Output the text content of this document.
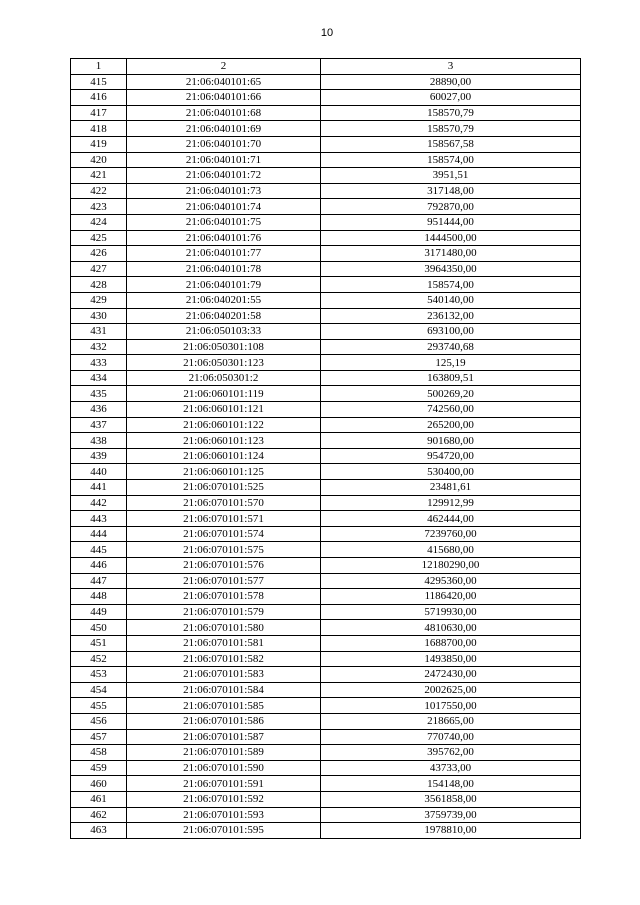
10
1	2	3
415	21:06:040101:65	28890,00
416	21:06:040101:66	60027,00
417	21:06:040101:68	158570,79
418	21:06:040101:69	158570,79
419	21:06:040101:70	158567,58
420	21:06:040101:71	158574,00
421	21:06:040101:72	3951,51
422	21:06:040101:73	317148,00
423	21:06:040101:74	792870,00
424	21:06:040101:75	951444,00
425	21:06:040101:76	1444500,00
426	21:06:040101:77	3171480,00
427	21:06:040101:78	3964350,00
428	21:06:040101:79	158574,00
429	21:06:040201:55	540140,00
430	21:06:040201:58	236132,00
431	21:06:050103:33	693100,00
432	21:06:050301:108	293740,68
433	21:06:050301:123	125,19
434	21:06:050301:2	163809,51
435	21:06:060101:119	500269,20
436	21:06:060101:121	742560,00
437	21:06:060101:122	265200,00
438	21:06:060101:123	901680,00
439	21:06:060101:124	954720,00
440	21:06:060101:125	530400,00
441	21:06:070101:525	23481,61
442	21:06:070101:570	129912,99
443	21:06:070101:571	462444,00
444	21:06:070101:574	7239760,00
445	21:06:070101:575	415680,00
446	21:06:070101:576	12180290,00
447	21:06:070101:577	4295360,00
448	21:06:070101:578	1186420,00
449	21:06:070101:579	5719930,00
450	21:06:070101:580	4810630,00
451	21:06:070101:581	1688700,00
452	21:06:070101:582	1493850,00
453	21:06:070101:583	2472430,00
454	21:06:070101:584	2002625,00
455	21:06:070101:585	1017550,00
456	21:06:070101:586	218665,00
457	21:06:070101:587	770740,00
458	21:06:070101:589	395762,00
459	21:06:070101:590	43733,00
460	21:06:070101:591	154148,00
461	21:06:070101:592	3561858,00
462	21:06:070101:593	3759739,00
463	21:06:070101:595	1978810,00
